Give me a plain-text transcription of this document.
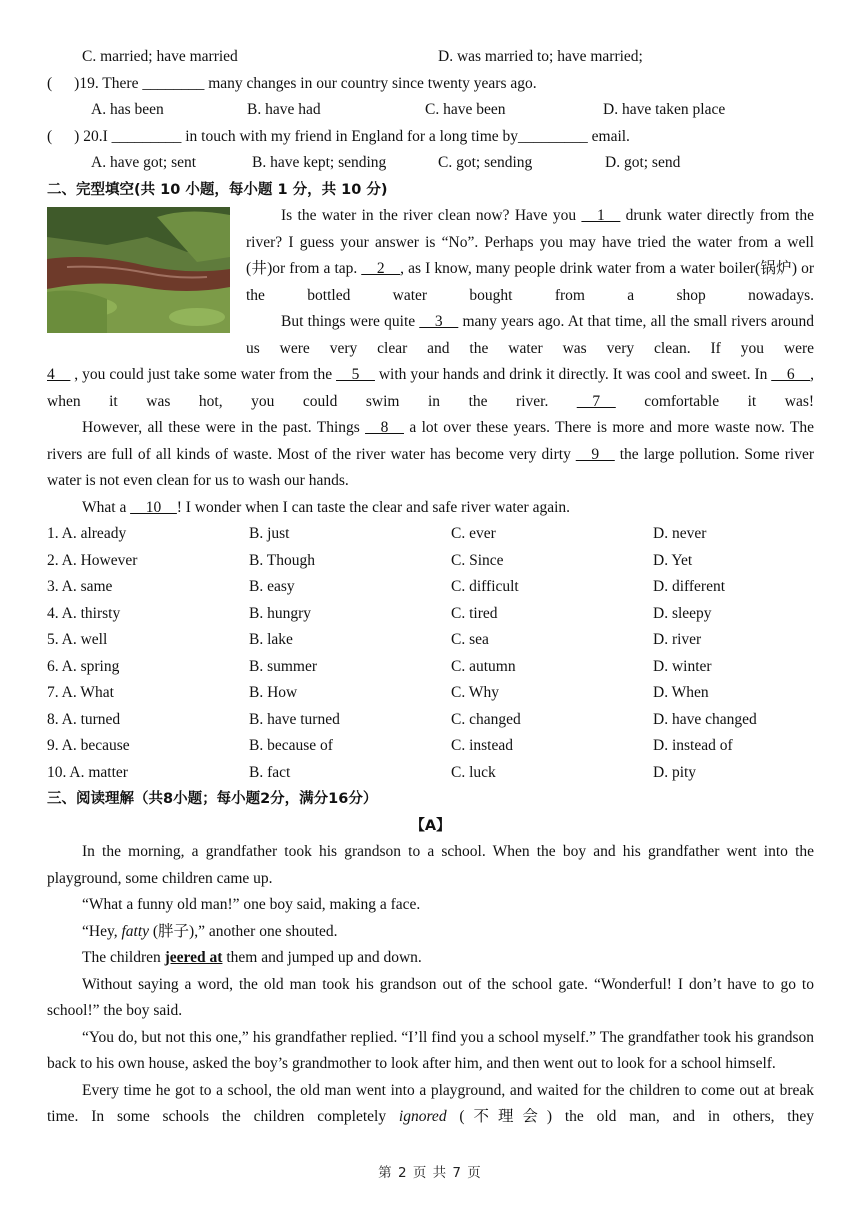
C. married; have married	D. was married to; have married;
( )19. There ________ many changes in our country since twenty years ago.
A. has been	B. have had	C. have been	D. have taken place
( ) 20.I _________ in touch with my friend in England for a long time by_________ email.
A. have got; sent	B. have kept; sending	C. got; sending	D. got; send
二、完型填空(共 10 小题，每小题 1 分，共 10 分)
Is the water in the river clean now? Have you __1__ drunk water directly from the river? I guess your answer is “No”. Perhaps you may have tried the water from a well (井)or from a tap. __2__, as I know, many people drink water from a water boiler(锅炉) or the bottled water bought from a shop nowadays.
But things were quite __3__ many years ago. At that time, all the small rivers around us were very clear and the water was very clean. If you were
4__ , you could just take some water from the __5__ with your hands and drink it directly. It was cool and sweet. In __6__, when it was hot, you could swim in the river. __7__ comfortable it was!
However, all these were in the past. Things __8__ a lot over these years. There is more and more waste now. The rivers are full of all kinds of waste. Most of the river water has become very dirty __9__ the large pollution. Some river water is not even clean for us to wash our hands.
What a __10__! I wonder when I can taste the clear and safe river water again.
1. A. already	B. just	C. ever	D. never
2. A. However	B. Though	C. Since	D. Yet
3. A. same	B. easy	C. difficult	D. different
4. A. thirsty	B. hungry	C. tired	D. sleepy
5. A. well	B. lake	C. sea	D. river
6. A. spring	B. summer	C. autumn	D. winter
7. A. What	B. How	C. Why	D. When
8. A. turned	B. have turned	C. changed	D. have changed
9. A. because	B. because of	C. instead	D. instead of
10. A. matter	B. fact	C. luck	D. pity
三、阅读理解（共8小题；每小题2分，满分16分）
【A】
In the morning, a grandfather took his grandson to a school. When the boy and his grandfather went into the playground, some children came up.
“What a funny old man!” one boy said, making a face.
“Hey, fatty (胖子),” another one shouted.
The children jeered at them and jumped up and down.
Without saying a word, the old man took his grandson out of the school gate. “Wonderful! I don’t have to go to school!” the boy said.
“You do, but not this one,” his grandfather replied. “I’ll find you a school myself.” The grandfather took his grandson back to his own house, asked the boy’s grandmother to look after him, and then went out to look for a school himself.
Every time he got to a school, the old man went into a playground, and waited for the children to come out at break time. In some schools the children completely ignored (不理会) the old man, and in others, they
第 2 页 共 7 页
